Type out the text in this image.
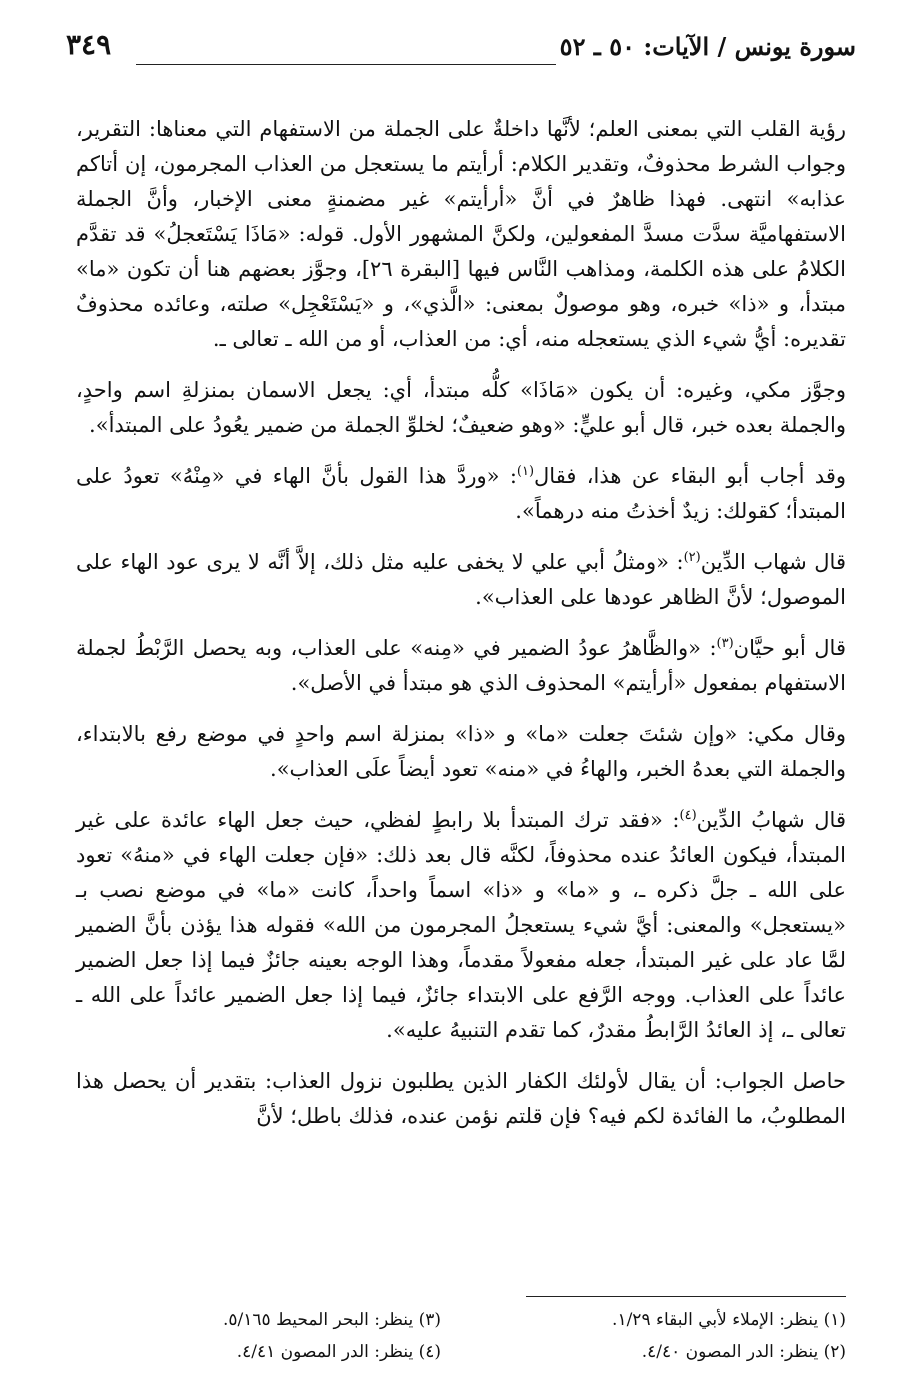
سورة يونس / الآيات: ٥٠ ـ ٥٢
٣٤٩

رؤية القلب التي بمعنى العلم؛ لأنَّها داخلةٌ على الجملة من الاستفهام التي معناها: التقرير، وجواب الشرط محذوفٌ، وتقدير الكلام: أرأيتم ما يستعجل من العذاب المجرمون، إن أتاكم عذابه» انتهى. فهذا ظاهرٌ في أنَّ «أرأيتم» غير مضمنةٍ معنى الإخبار، وأنَّ الجملة الاستفهاميَّة سدَّت مسدَّ المفعولين، ولكنَّ المشهور الأول. قوله: «مَاذَا يَسْتَعجلُ» قد تقدَّم الكلامُ على هذه الكلمة، ومذاهب النَّاس فيها [البقرة ٢٦]، وجوَّز بعضهم هنا أن تكون «ما» مبتدأ، و «ذا» خبره، وهو موصولٌ بمعنى: «الَّذي»، و «يَسْتَعْجِل» صلته، وعائده محذوفٌ تقديره: أيُّ شيء الذي يستعجله منه، أي: من العذاب، أو من الله ـ تعالى ـ.

وجوَّز مكي، وغيره: أن يكون «مَاذَا» كلُّه مبتدأ، أي: يجعل الاسمان بمنزلةِ اسم واحدٍ، والجملة بعده خبر، قال أبو عليٍّ: «وهو ضعيفٌ؛ لخلوِّ الجملة من ضمير يعُودُ على المبتدأ».

وقد أجاب أبو البقاء عن هذا، فقال$^{(١)}$: «وردَّ هذا القول بأنَّ الهاء في «مِنْهُ» تعودُ على المبتدأ؛ كقولك: زيدٌ أخذتُ منه درهماً».

قال شهاب الدِّين$^{(٢)}$: «ومثلُ أبي علي لا يخفى عليه مثل ذلك، إلاَّ أنَّه لا يرى عود الهاء على الموصول؛ لأنَّ الظاهر عودها على العذاب».

قال أبو حيَّان$^{(٣)}$: «والظَّاهرُ عودُ الضمير في «مِنه» على العذاب، وبه يحصل الرَّبْطُ لجملة الاستفهام بمفعول «أرأيتم» المحذوف الذي هو مبتدأ في الأصل».

وقال مكي: «وإن شئتَ جعلت «ما» و «ذا» بمنزلة اسم واحدٍ في موضع رفع بالابتداء، والجملة التي بعدهُ الخبر، والهاءُ في «منه» تعود أيضاً علَى العذاب».

قال شهابُ الدِّين$^{(٤)}$: «فقد ترك المبتدأ بلا رابطٍ لفظي، حيث جعل الهاء عائدة على غير المبتدأ، فيكون العائدُ عنده محذوفاً، لكنَّه قال بعد ذلك: «فإن جعلت الهاء في «منهُ» تعود على الله ـ جلَّ ذكره ـ، و «ما» و «ذا» اسماً واحداً، كانت «ما» في موضع نصب بـ «يستعجل» والمعنى: أيَّ شيء يستعجلُ المجرمون من الله» فقوله هذا يؤذن بأنَّ الضمير لمَّا عاد على غير المبتدأ، جعله مفعولاً مقدماً، وهذا الوجه بعينه جائزٌ فيما إذا جعل الضمير عائداً على العذاب. ووجه الرَّفع على الابتداء جائزٌ، فيما إذا جعل الضمير عائداً على الله ـ تعالى ـ، إذ العائدُ الرَّابطُ مقدرٌ، كما تقدم التنبيهُ عليه».

حاصل الجواب: أن يقال لأولئك الكفار الذين يطلبون نزول العذاب: بتقدير أن يحصل هذا المطلوبُ، ما الفائدة لكم فيه؟ فإن قلتم نؤمن عنده، فذلك باطل؛ لأنَّ

(١) ينظر: الإملاء لأبي البقاء ١/٢٩.
(٣) ينظر: البحر المحيط ٥/١٦٥.
(٢) ينظر: الدر المصون ٤/٤٠.
(٤) ينظر: الدر المصون ٤/٤١.
